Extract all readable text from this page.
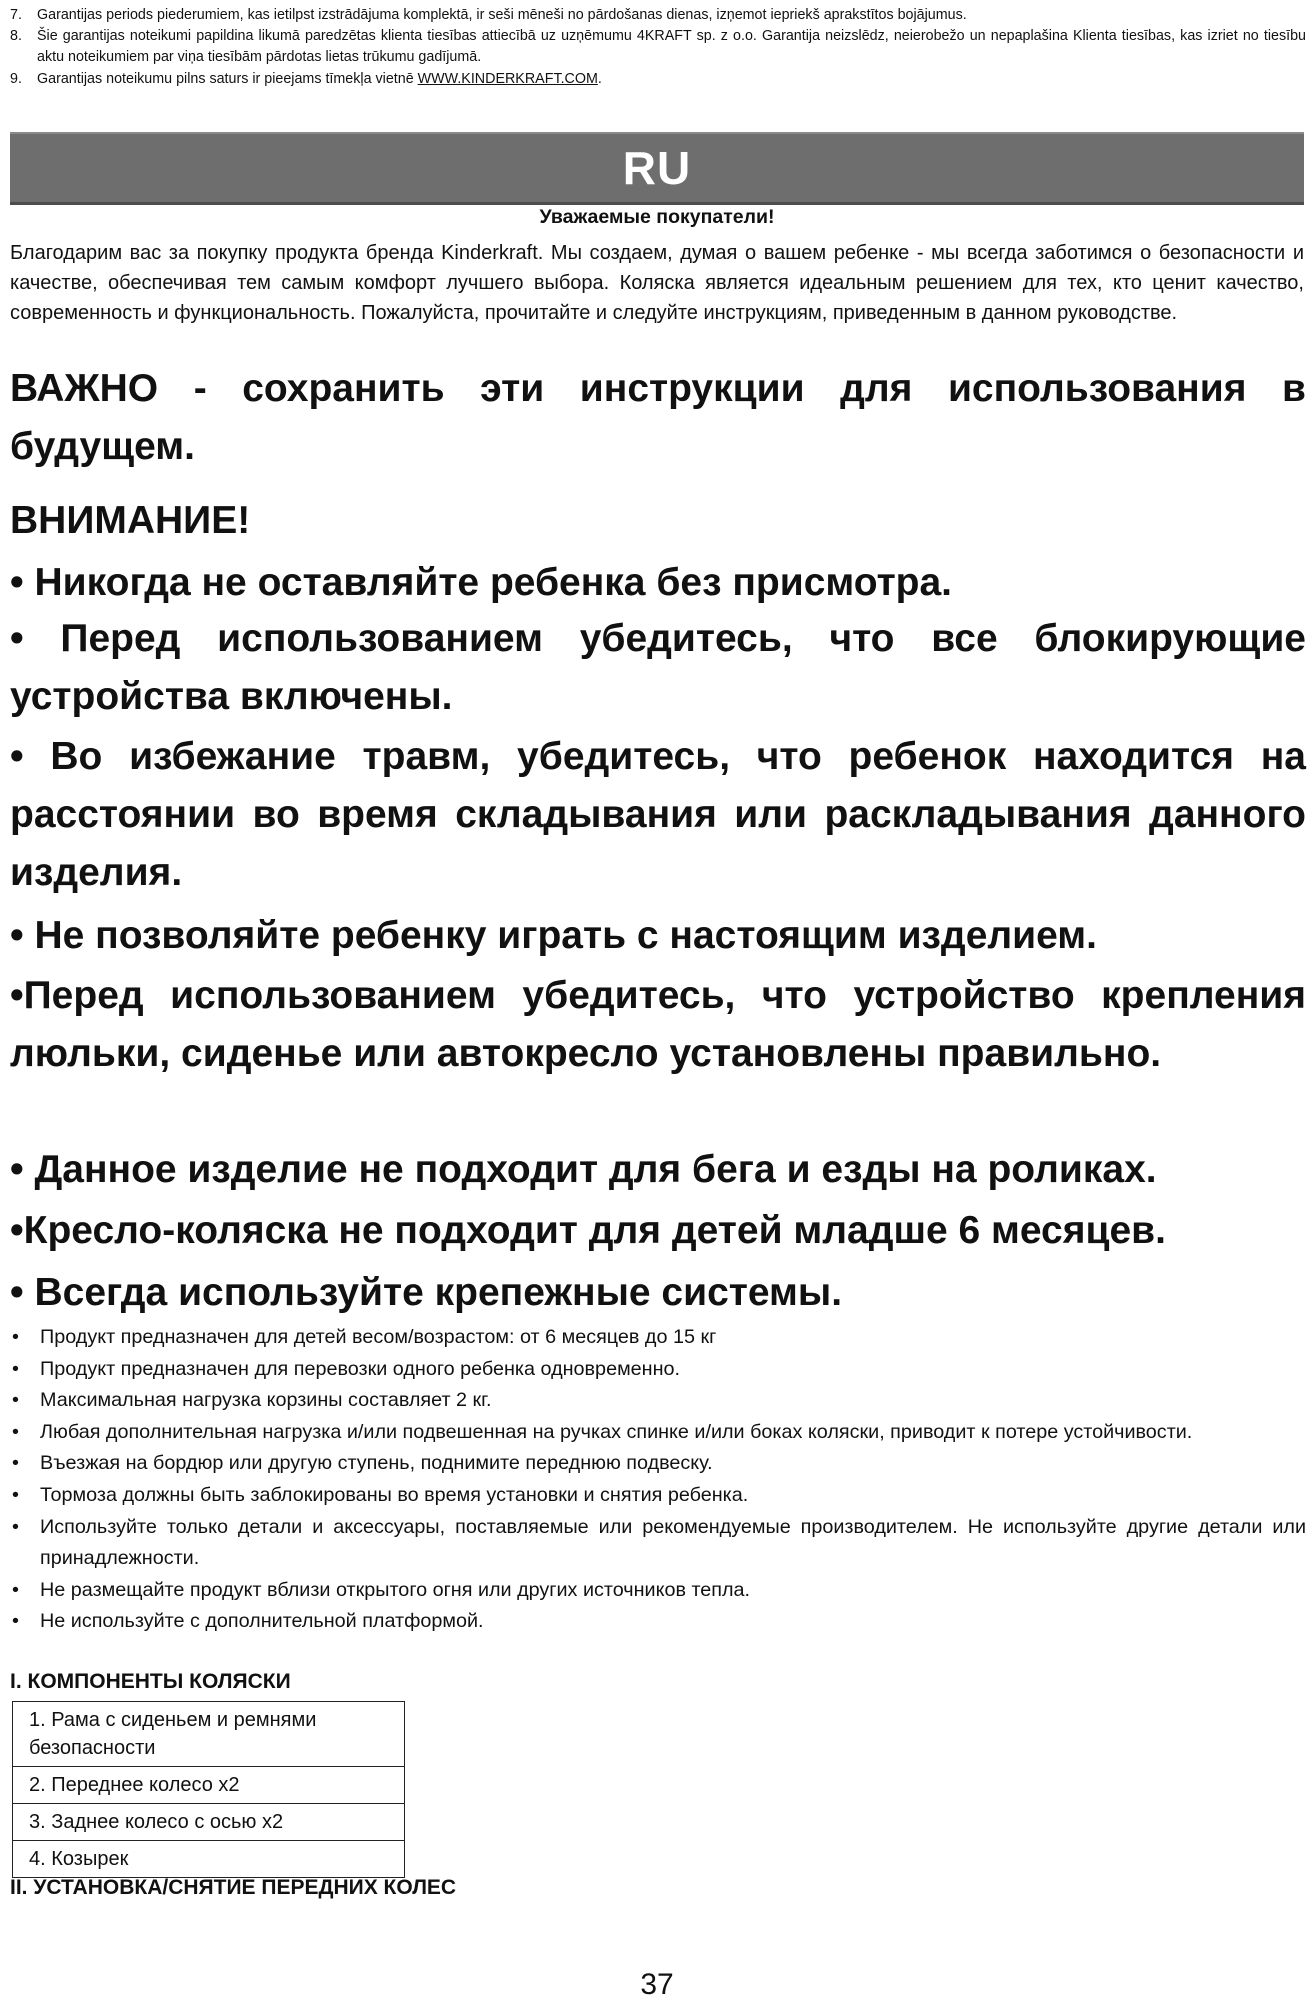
7.	Garantijas periods piederumiem, kas ietilpst izstrādājuma komplektā, ir seši mēneši no pārdošanas dienas, izņemot iepriekš aprakstītos bojājumus.
8.	Šie garantijas noteikumi papildina likumā paredzētas klienta tiesības attiecībā uz uzņēmumu 4KRAFT sp. z o.o. Garantija neizslēdz, neierobežo un nepaplašina Klienta tiesības, kas izriet no tiesību aktu noteikumiem par viņa tiesībām pārdotas lietas trūkumu gadījumā.
9.	Garantijas noteikumu pilns saturs ir pieejams tīmekļa vietnē WWW.KINDERKRAFT.COM.
RU
Уважаемые покупатели!
Благодарим вас за покупку продукта бренда Kinderkraft. Мы создаем, думая о вашем ребенке - мы всегда заботимся о безопасности и качестве, обеспечивая тем самым комфорт лучшего выбора. Коляска является идеальным решением для тех, кто ценит качество, современность и функциональность. Пожалуйста, прочитайте и следуйте инструкциям, приведенным в данном руководстве.
ВАЖНО - сохранить эти инструкции для использования в будущем.
ВНИМАНИЕ!
• Никогда не оставляйте ребенка без присмотра.
• Перед использованием убедитесь, что все блокирующие устройства включены.
• Во избежание травм, убедитесь, что ребенок находится на расстоянии во время складывания или раскладывания данного изделия.
• Не позволяйте ребенку играть с настоящим изделием.
•Перед использованием убедитесь, что устройство крепления люльки, сиденье или автокресло установлены правильно.
• Данное изделие не подходит для бега и езды на роликах.
•Кресло-коляска не подходит для детей младше 6 месяцев.
• Всегда используйте крепежные системы.
•	Продукт предназначен для детей весом/возрастом: от 6 месяцев до 15 кг
•	Продукт предназначен для перевозки одного ребенка одновременно.
•	Максимальная нагрузка корзины составляет 2 кг.
•	Любая дополнительная нагрузка и/или подвешенная на ручках спинке и/или боках коляски, приводит к потере устойчивости.
•	Въезжая на бордюр или другую ступень, поднимите переднюю подвеску.
•	Тормоза должны быть заблокированы во время установки и снятия ребенка.
•	Используйте только детали и аксессуары, поставляемые или рекомендуемые производителем. Не используйте другие детали или принадлежности.
•	Не размещайте продукт вблизи открытого огня или других источников тепла.
•	Не используйте с дополнительной платформой.
I. КОМПОНЕНТЫ КОЛЯСКИ
1. Рама с сиденьем и ремнями безопасности
2. Переднее колесо x2
3. Заднее колесо с осью x2
4. Козырек
II. УСТАНОВКА/СНЯТИЕ ПЕРЕДНИХ КОЛЕС
37
